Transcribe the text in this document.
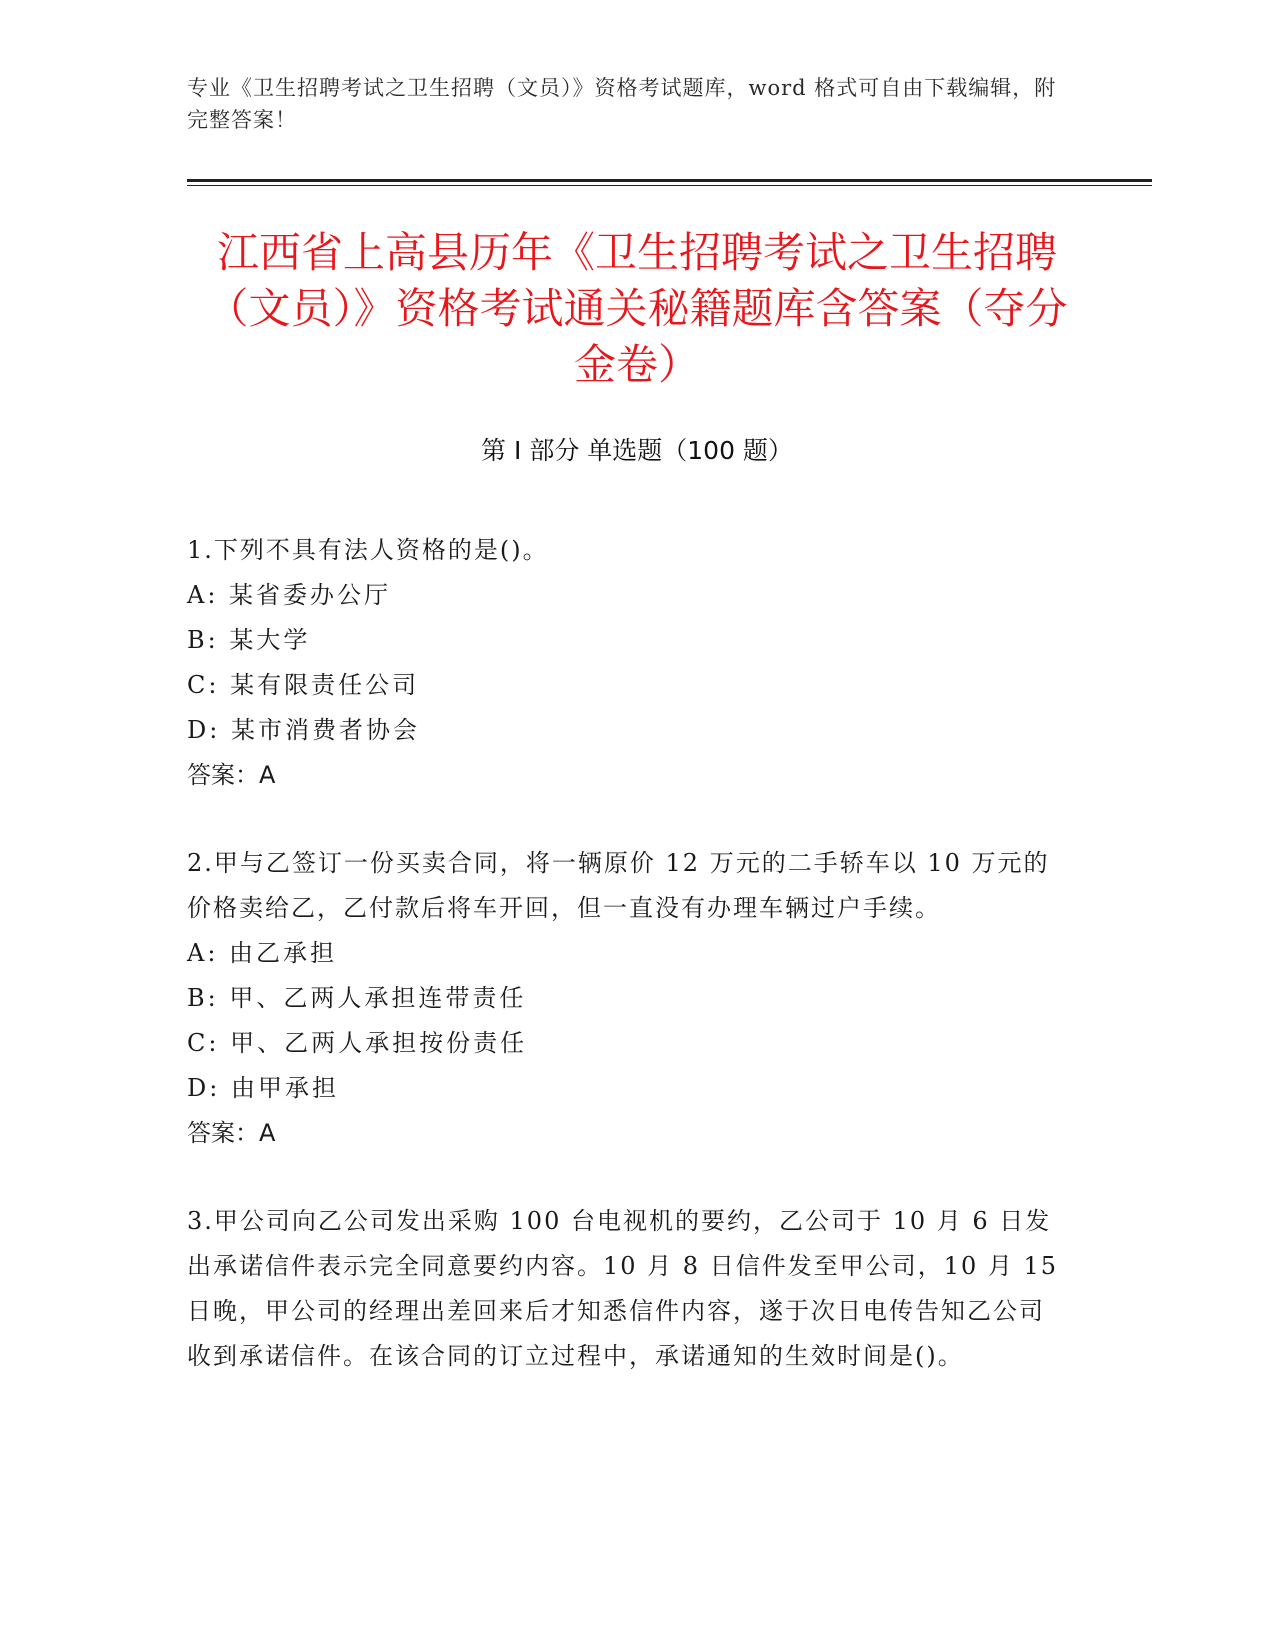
专业《卫生招聘考试之卫生招聘（文员）》资格考试题库，word 格式可自由下载编辑，附完整答案！
江西省上高县历年《卫生招聘考试之卫生招聘（文员）》资格考试通关秘籍题库含答案（夺分金卷）
第 I 部分 单选题（100 题）

1.下列不具有法人资格的是()。

A: 某省委办公厅

B: 某大学

C: 某有限责任公司

D: 某市消费者协会

答案：A

2.甲与乙签订一份买卖合同，将一辆原价 12 万元的二手轿车以 10 万元的价格卖给乙，乙付款后将车开回，但一直没有办理车辆过户手续。

A: 由乙承担

B: 甲、乙两人承担连带责任

C: 甲、乙两人承担按份责任

D: 由甲承担

答案：A

3.甲公司向乙公司发出采购 100 台电视机的要约，乙公司于 10 月 6 日发出承诺信件表示完全同意要约内容。10 月 8 日信件发至甲公司，10 月 15 日晚，甲公司的经理出差回来后才知悉信件内容，遂于次日电传告知乙公司收到承诺信件。在该合同的订立过程中，承诺通知的生效时间是()。
